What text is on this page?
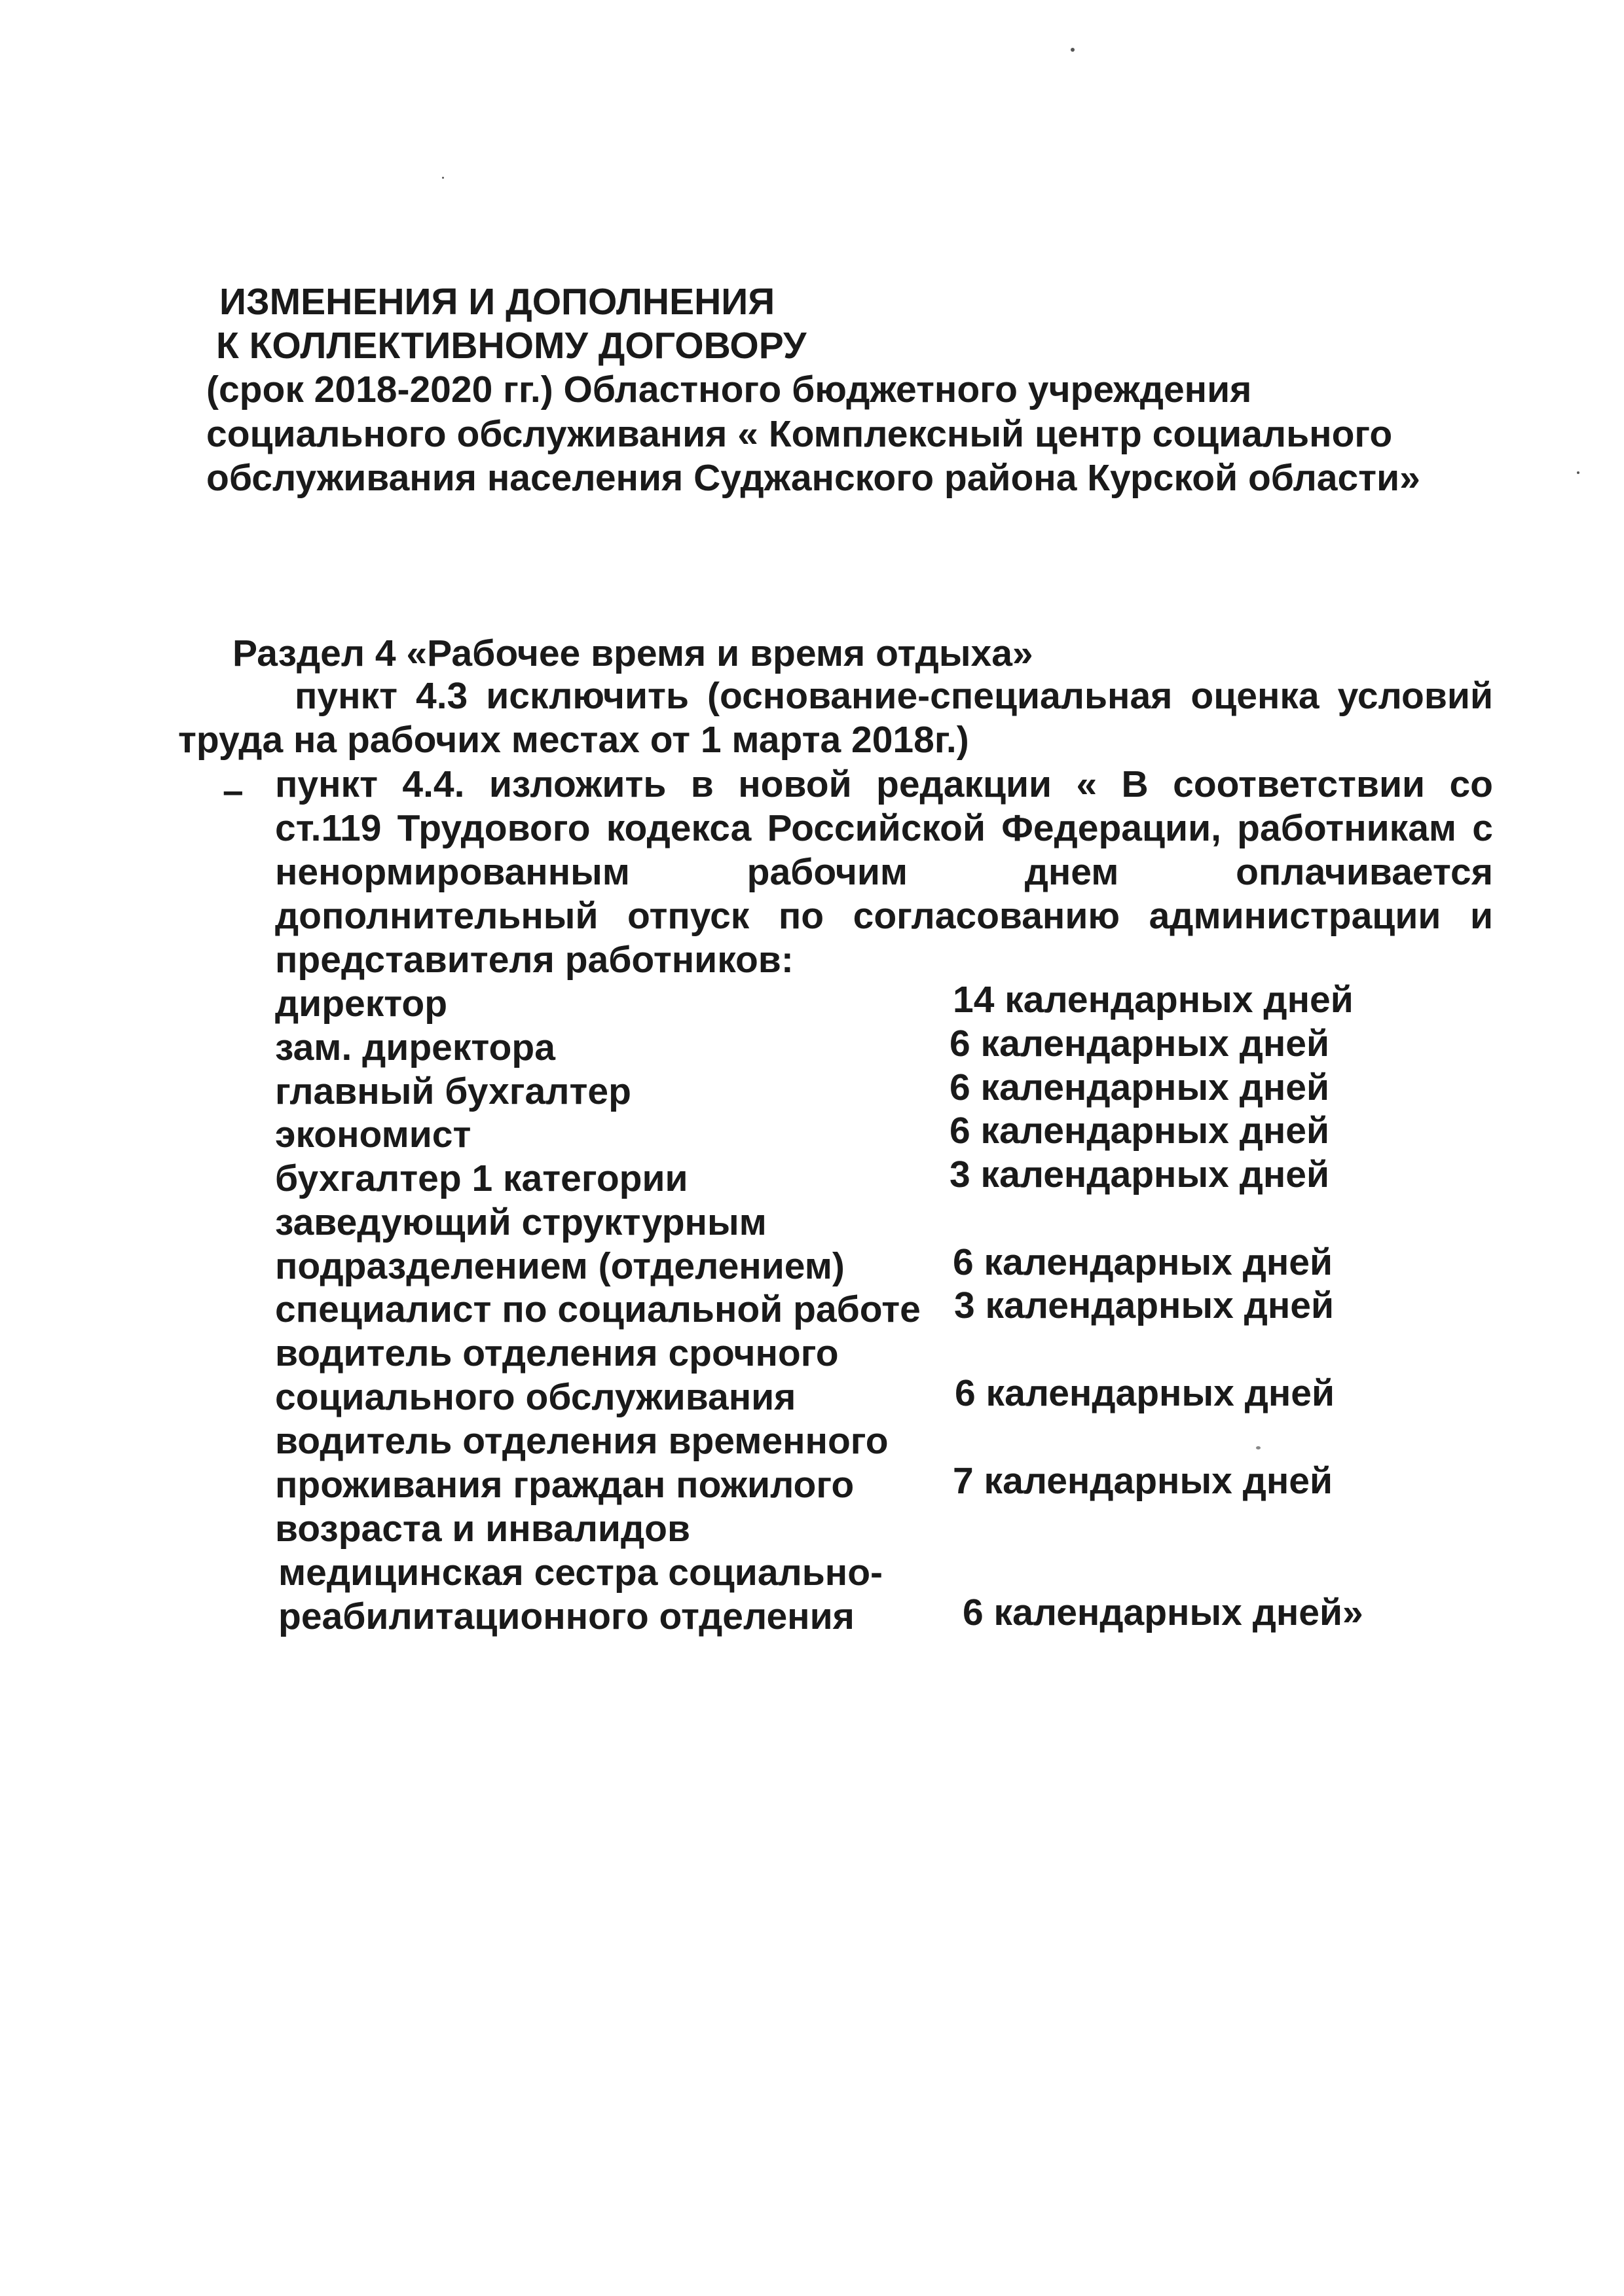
ИЗМЕНЕНИЯ И ДОПОЛНЕНИЯ
К КОЛЛЕКТИВНОМУ ДОГОВОРУ
(срок 2018-2020 гг.) Областного бюджетного учреждения
социального обслуживания « Комплексный центр социального
обслуживания населения Суджанского района Курской области»
Раздел 4 «Рабочее время и время отдыха»
пункт 4.3 исключить (основание-специальная оценка условий
труда на рабочих местах от 1 марта 2018г.)
– пункт 4.4. изложить в новой редакции « В соответствии со
ст.119 Трудового кодекса Российской Федерации, работникам с
ненормированным рабочим днем оплачивается
дополнительный отпуск по согласованию администрации и
представителя работников:
директор	14 календарных дней
зам. директора	6 календарных дней
главный бухгалтер	6 календарных дней
экономист	6 календарных дней
бухгалтер 1 категории	3 календарных дней
заведующий структурным
подразделением (отделением)	6 календарных дней
специалист по социальной работе 3 календарных дней
водитель отделения срочного
социального обслуживания	6 календарных дней
водитель отделения временного
проживания граждан пожилого	7 календарных дней
возраста и инвалидов
медицинская сестра социально-
реабилитационного отделения	6 календарных дней»
